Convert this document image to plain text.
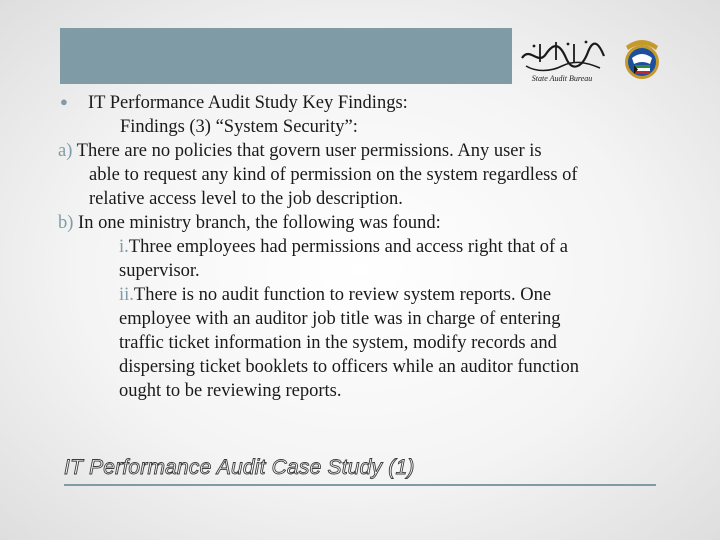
State Audit Bureau
● IT Performance Audit Study Key Findings:
Findings (3) “System Security”:
a) There are no policies that govern user permissions. Any user is
able to request any kind of permission on the system regardless of
relative access level to the job description.
b) In one ministry branch, the following was found:
i.Three employees had permissions and access right that of a
supervisor.
ii.There is no audit function to review system reports. One
employee with an auditor job title was in charge of entering
traffic ticket information in the system, modify records and
dispersing ticket booklets to officers while an auditor function
ought to be reviewing reports.
IT Performance Audit Case Study (1)
